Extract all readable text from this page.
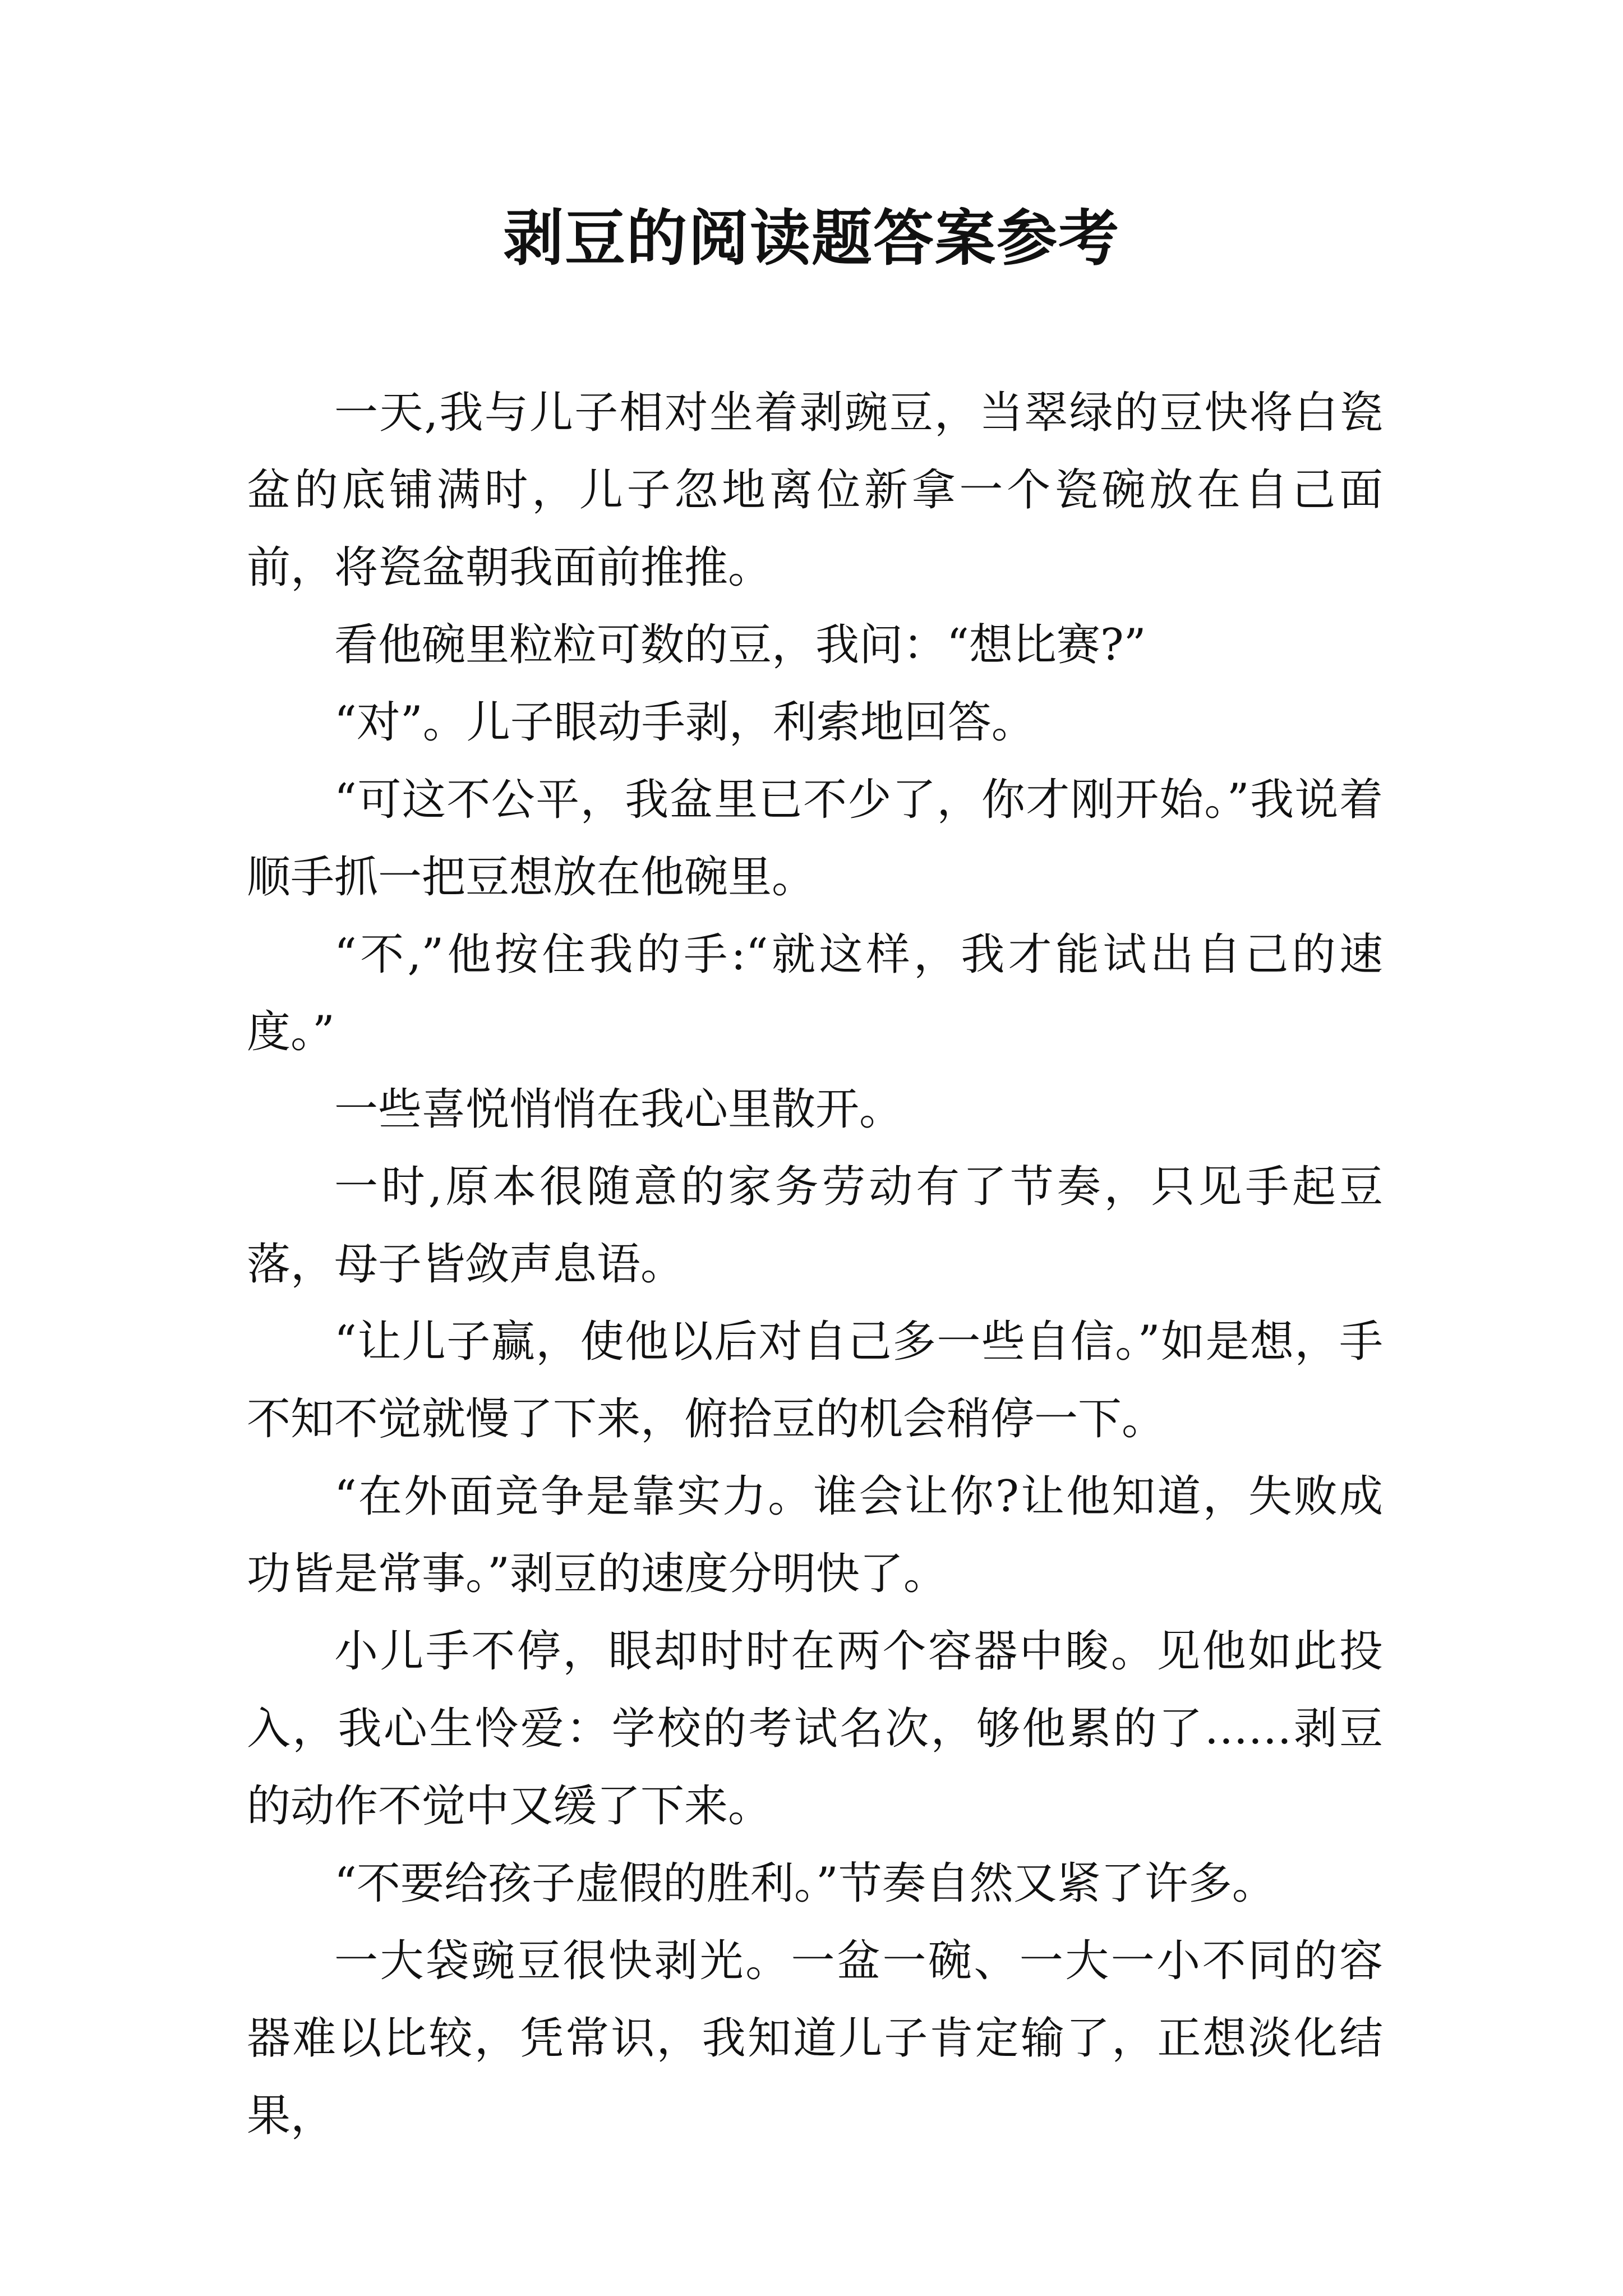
剥豆的阅读题答案参考

一天,我与儿子相对坐着剥豌豆，当翠绿的豆快将白瓷盆的底铺满时，儿子忽地离位新拿一个瓷碗放在自己面前，将瓷盆朝我面前推推。

看他碗里粒粒可数的豆，我问：“想比赛?”

“对”。儿子眼动手剥，利索地回答。

“可这不公平，我盆里已不少了，你才刚开始。”我说着顺手抓一把豆想放在他碗里。

“不,”他按住我的手:“就这样，我才能试出自己的速度。”

一些喜悦悄悄在我心里散开。

一时,原本很随意的家务劳动有了节奏，只见手起豆落，母子皆敛声息语。

“让儿子赢，使他以后对自己多一些自信。”如是想，手不知不觉就慢了下来，俯拾豆的机会稍停一下。

“在外面竞争是靠实力。谁会让你?让他知道，失败成功皆是常事。”剥豆的速度分明快了。

小儿手不停，眼却时时在两个容器中睃。见他如此投入，我心生怜爱：学校的考试名次，够他累的了……剥豆的动作不觉中又缓了下来。

“不要给孩子虚假的胜利。”节奏自然又紧了许多。

一大袋豌豆很快剥光。一盆一碗、一大一小不同的容器难以比较，凭常识，我知道儿子肯定输了，正想淡化结果，
